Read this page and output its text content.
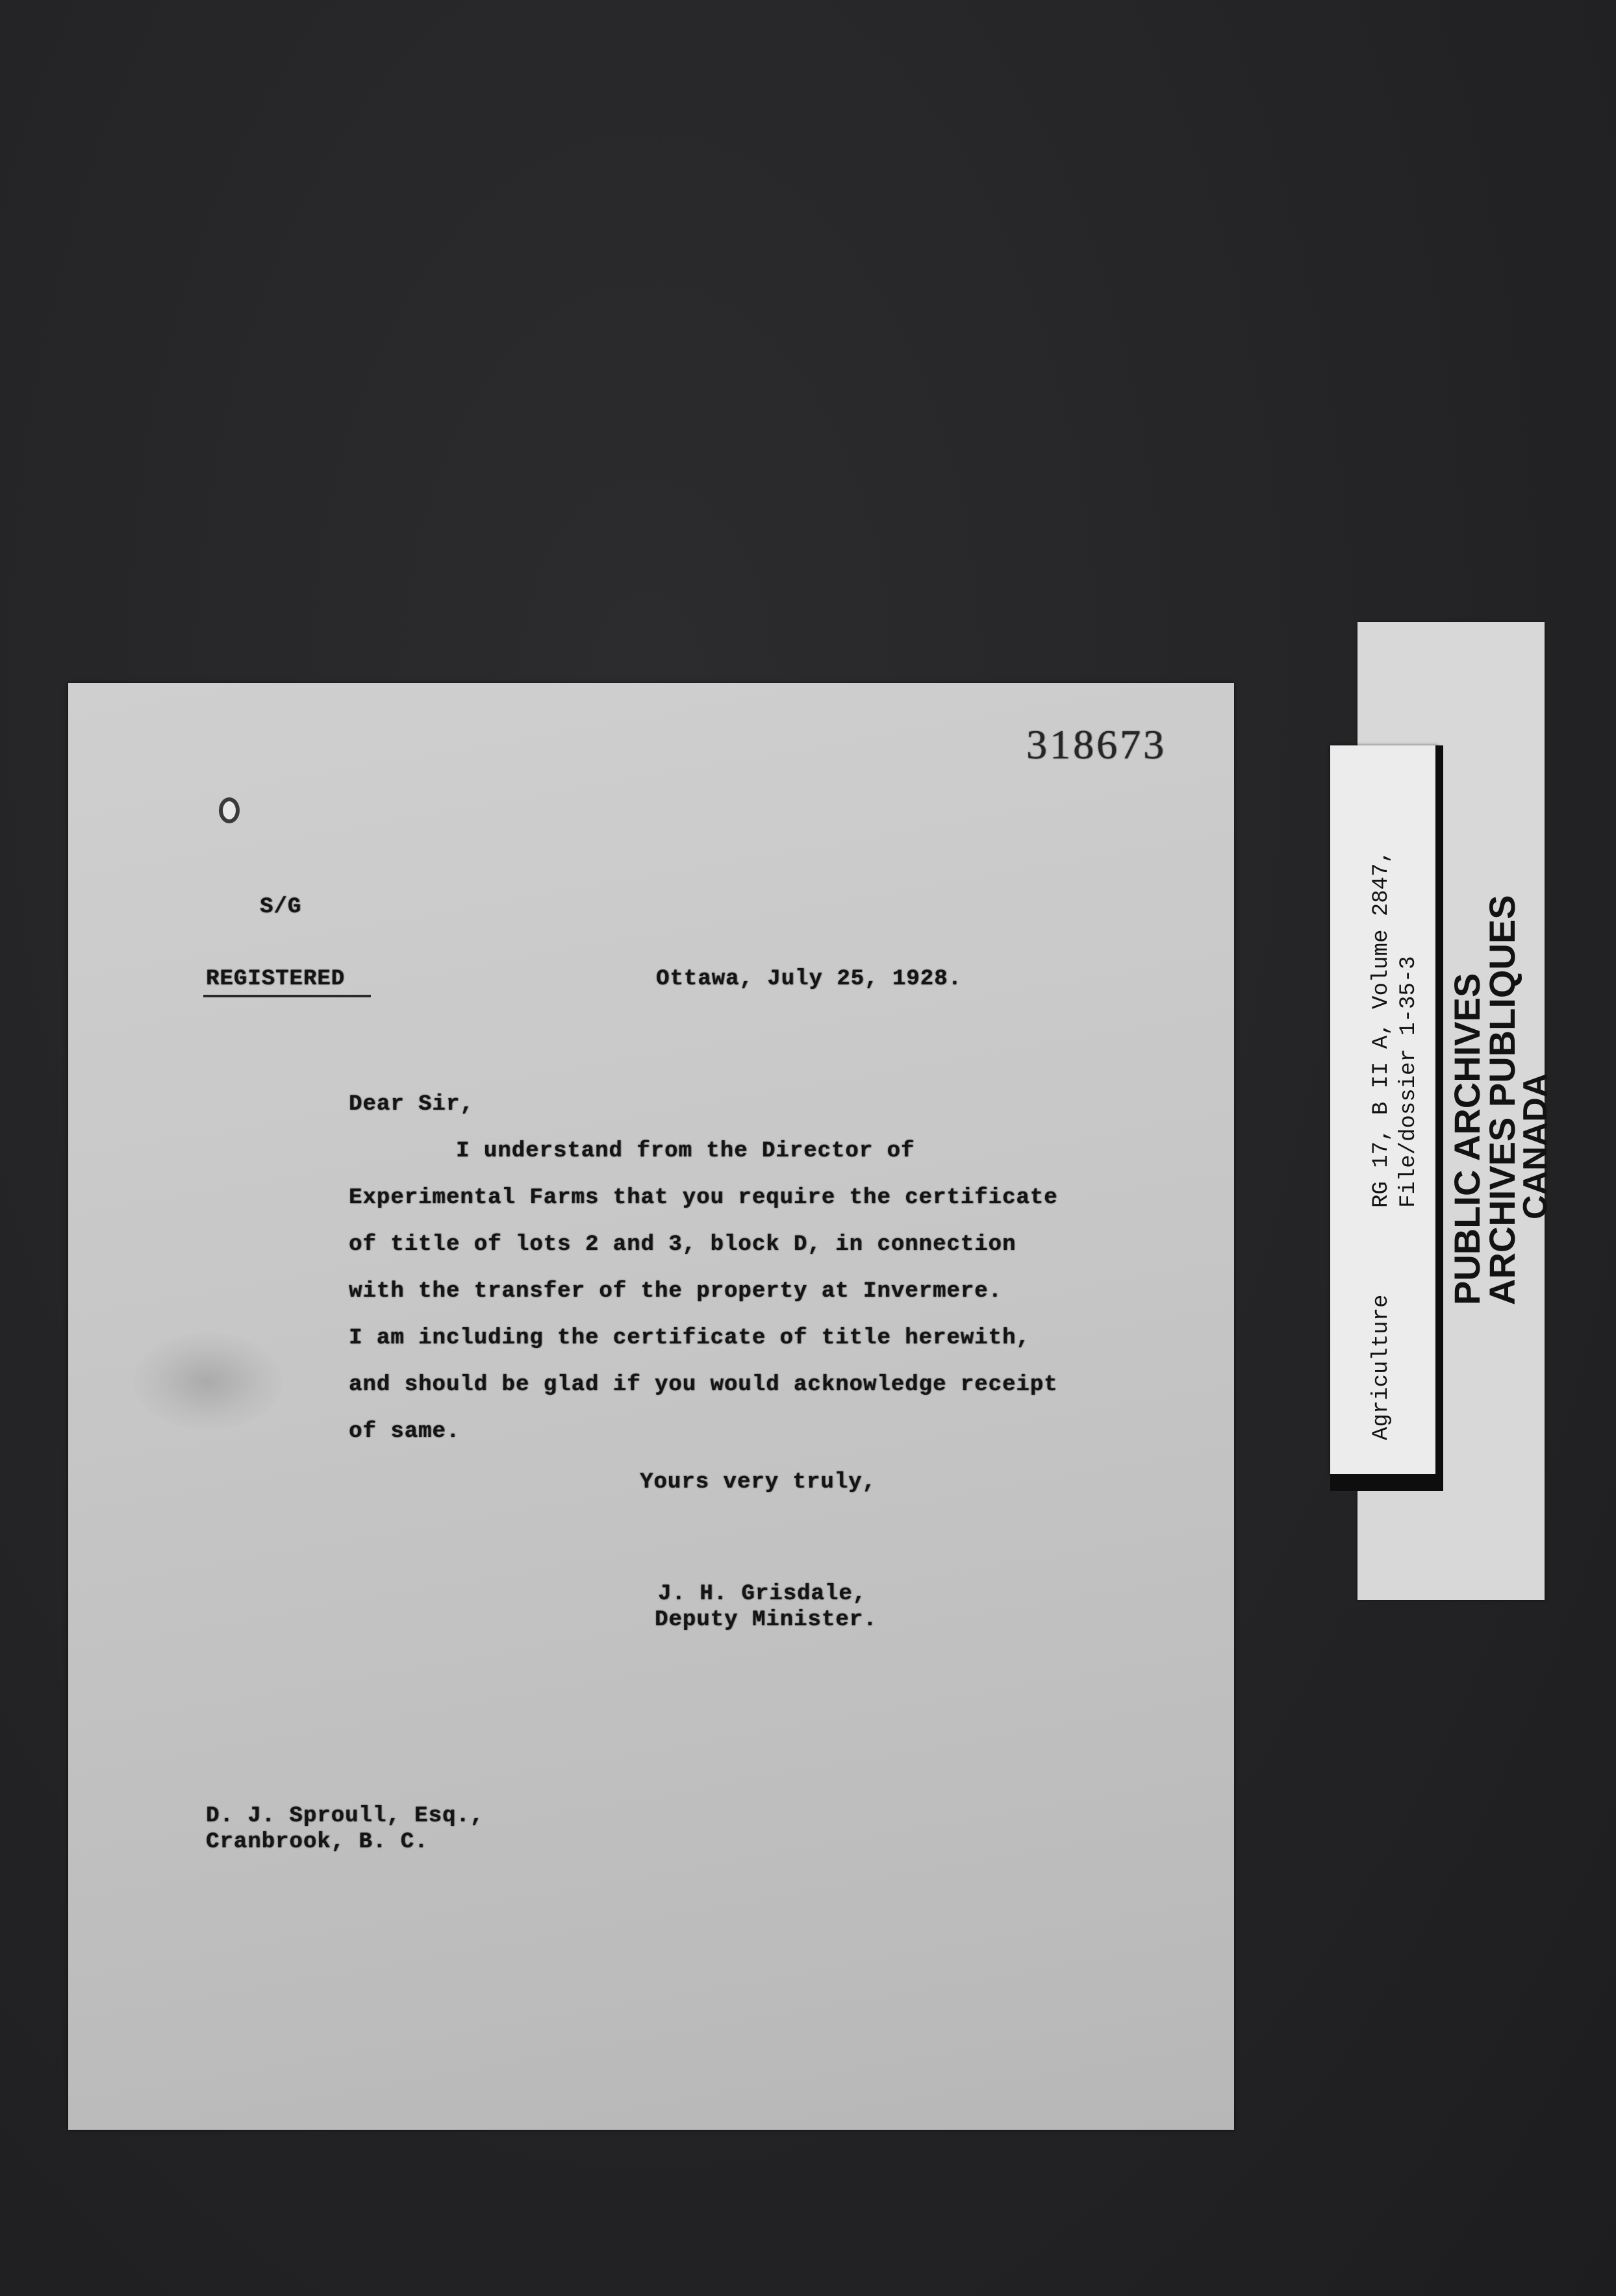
318673
S/G
REGISTERED	Ottawa, July 25, 1928.
Dear Sir,
I understand from the Director of
Experimental Farms that you require the certificate
of title of lots 2 and 3, block D, in connection
with the transfer of the property at Invermere.
I am including the certificate of title herewith,
and should be glad if you would acknowledge receipt
of same.
Yours very truly,
J. H. Grisdale,
Deputy Minister.
D. J. Sproull, Esq.,
Cranbrook, B. C.
RG 17, B II A, Volume 2847, File/dossier 1-35-3
Agriculture
PUBLIC ARCHIVES
ARCHIVES PUBLIQUES
CANADA
